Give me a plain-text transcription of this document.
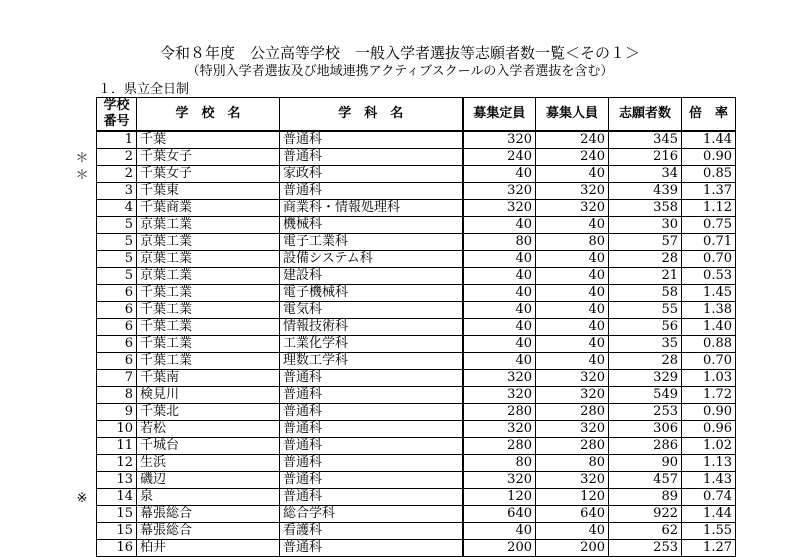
令和８年度　公立高等学校　一般入学者選抜等志願者数一覧＜その１＞
（特別入学者選抜及び地域連携アクティブスクールの入学者選抜を含む）
１．県立全日制
＊
＊
※
学校
番号	学　校　名	学　科　名	募集定員	募集人員	志願者数	倍　率
1	千葉	普通科	320	240	345	1.44
2	千葉女子	普通科	240	240	216	0.90
2	千葉女子	家政科	40	40	34	0.85
3	千葉東	普通科	320	320	439	1.37
4	千葉商業	商業科・情報処理科	320	320	358	1.12
5	京葉工業	機械科	40	40	30	0.75
5	京葉工業	電子工業科	80	80	57	0.71
5	京葉工業	設備システム科	40	40	28	0.70
5	京葉工業	建設科	40	40	21	0.53
6	千葉工業	電子機械科	40	40	58	1.45
6	千葉工業	電気科	40	40	55	1.38
6	千葉工業	情報技術科	40	40	56	1.40
6	千葉工業	工業化学科	40	40	35	0.88
6	千葉工業	理数工学科	40	40	28	0.70
7	千葉南	普通科	320	320	329	1.03
8	検見川	普通科	320	320	549	1.72
9	千葉北	普通科	280	280	253	0.90
10	若松	普通科	320	320	306	0.96
11	千城台	普通科	280	280	286	1.02
12	生浜	普通科	80	80	90	1.13
13	磯辺	普通科	320	320	457	1.43
14	泉	普通科	120	120	89	0.74
15	幕張総合	総合学科	640	640	922	1.44
15	幕張総合	看護科	40	40	62	1.55
16	柏井	普通科	200	200	253	1.27
